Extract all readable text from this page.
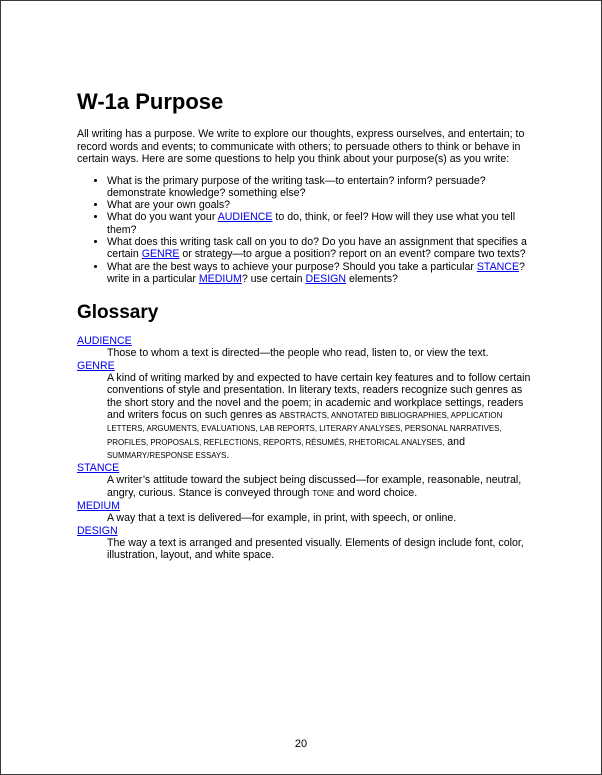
W-1a Purpose

All writing has a purpose. We write to explore our thoughts, express ourselves, and entertain; to record words and events; to communicate with others; to persuade others to think or behave in certain ways. Here are some questions to help you think about your purpose(s) as you write:

• What is the primary purpose of the writing task—to entertain? inform? persuade? demonstrate knowledge? something else?
• What are your own goals?
• What do you want your AUDIENCE to do, think, or feel? How will they use what you tell them?
• What does this writing task call on you to do? Do you have an assignment that specifies a certain GENRE or strategy—to argue a position? report on an event? compare two texts?
• What are the best ways to achieve your purpose? Should you take a particular STANCE? write in a particular MEDIUM? use certain DESIGN elements?
Glossary
AUDIENCE
Those to whom a text is directed—the people who read, listen to, or view the text.
GENRE
A kind of writing marked by and expected to have certain key features and to follow certain conventions of style and presentation. In literary texts, readers recognize such genres as the short story and the novel and the poem; in academic and workplace settings, readers and writers focus on such genres as ABSTRACTS, ANNOTATED BIBLIOGRAPHIES, APPLICATION LETTERS, ARGUMENTS, EVALUATIONS, LAB REPORTS, LITERARY ANALYSES, PERSONAL NARRATIVES, PROFILES, PROPOSALS, REFLECTIONS, REPORTS, RÉSUMÉS, RHETORICAL ANALYSES, and SUMMARY/RESPONSE ESSAYS.
STANCE
A writer’s attitude toward the subject being discussed—for example, reasonable, neutral, angry, curious. Stance is conveyed through TONE and word choice.
MEDIUM
A way that a text is delivered—for example, in print, with speech, or online.
DESIGN
The way a text is arranged and presented visually. Elements of design include font, color, illustration, layout, and white space.
20
